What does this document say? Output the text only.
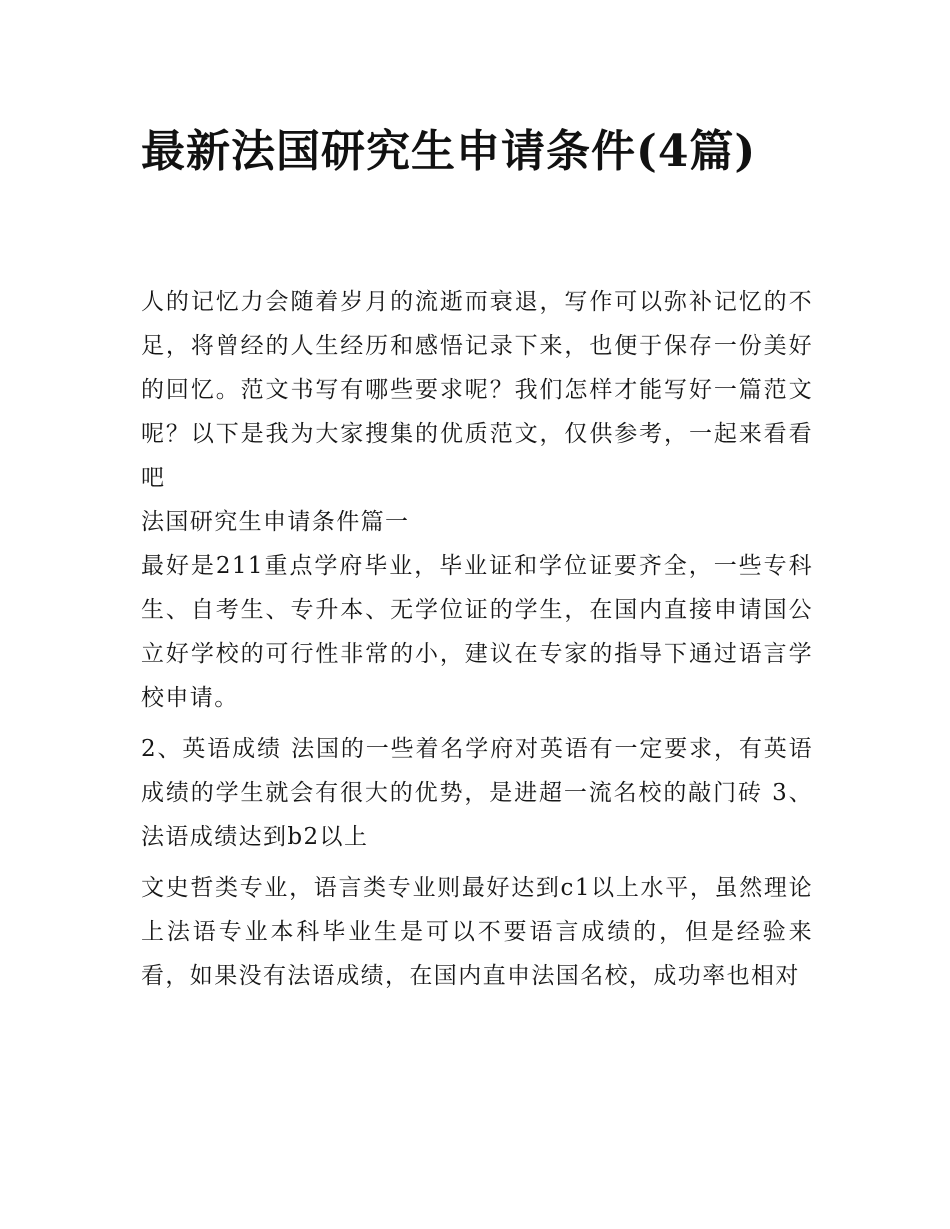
最新法国研究生申请条件(4篇)

人的记忆力会随着岁月的流逝而衰退，写作可以弥补记忆的不足，将曾经的人生经历和感悟记录下来，也便于保存一份美好的回忆。范文书写有哪些要求呢？我们怎样才能写好一篇范文呢？以下是我为大家搜集的优质范文，仅供参考，一起来看看吧

法国研究生申请条件篇一

最好是211重点学府毕业，毕业证和学位证要齐全，一些专科生、自考生、专升本、无学位证的学生，在国内直接申请国公立好学校的可行性非常的小，建议在专家的指导下通过语言学校申请。

2、英语成绩 法国的一些着名学府对英语有一定要求，有英语成绩的学生就会有很大的优势，是进超一流名校的敲门砖 3、法语成绩达到b2以上

文史哲类专业，语言类专业则最好达到c1以上水平，虽然理论上法语专业本科毕业生是可以不要语言成绩的，但是经验来看，如果没有法语成绩，在国内直申法国名校，成功率也相对
